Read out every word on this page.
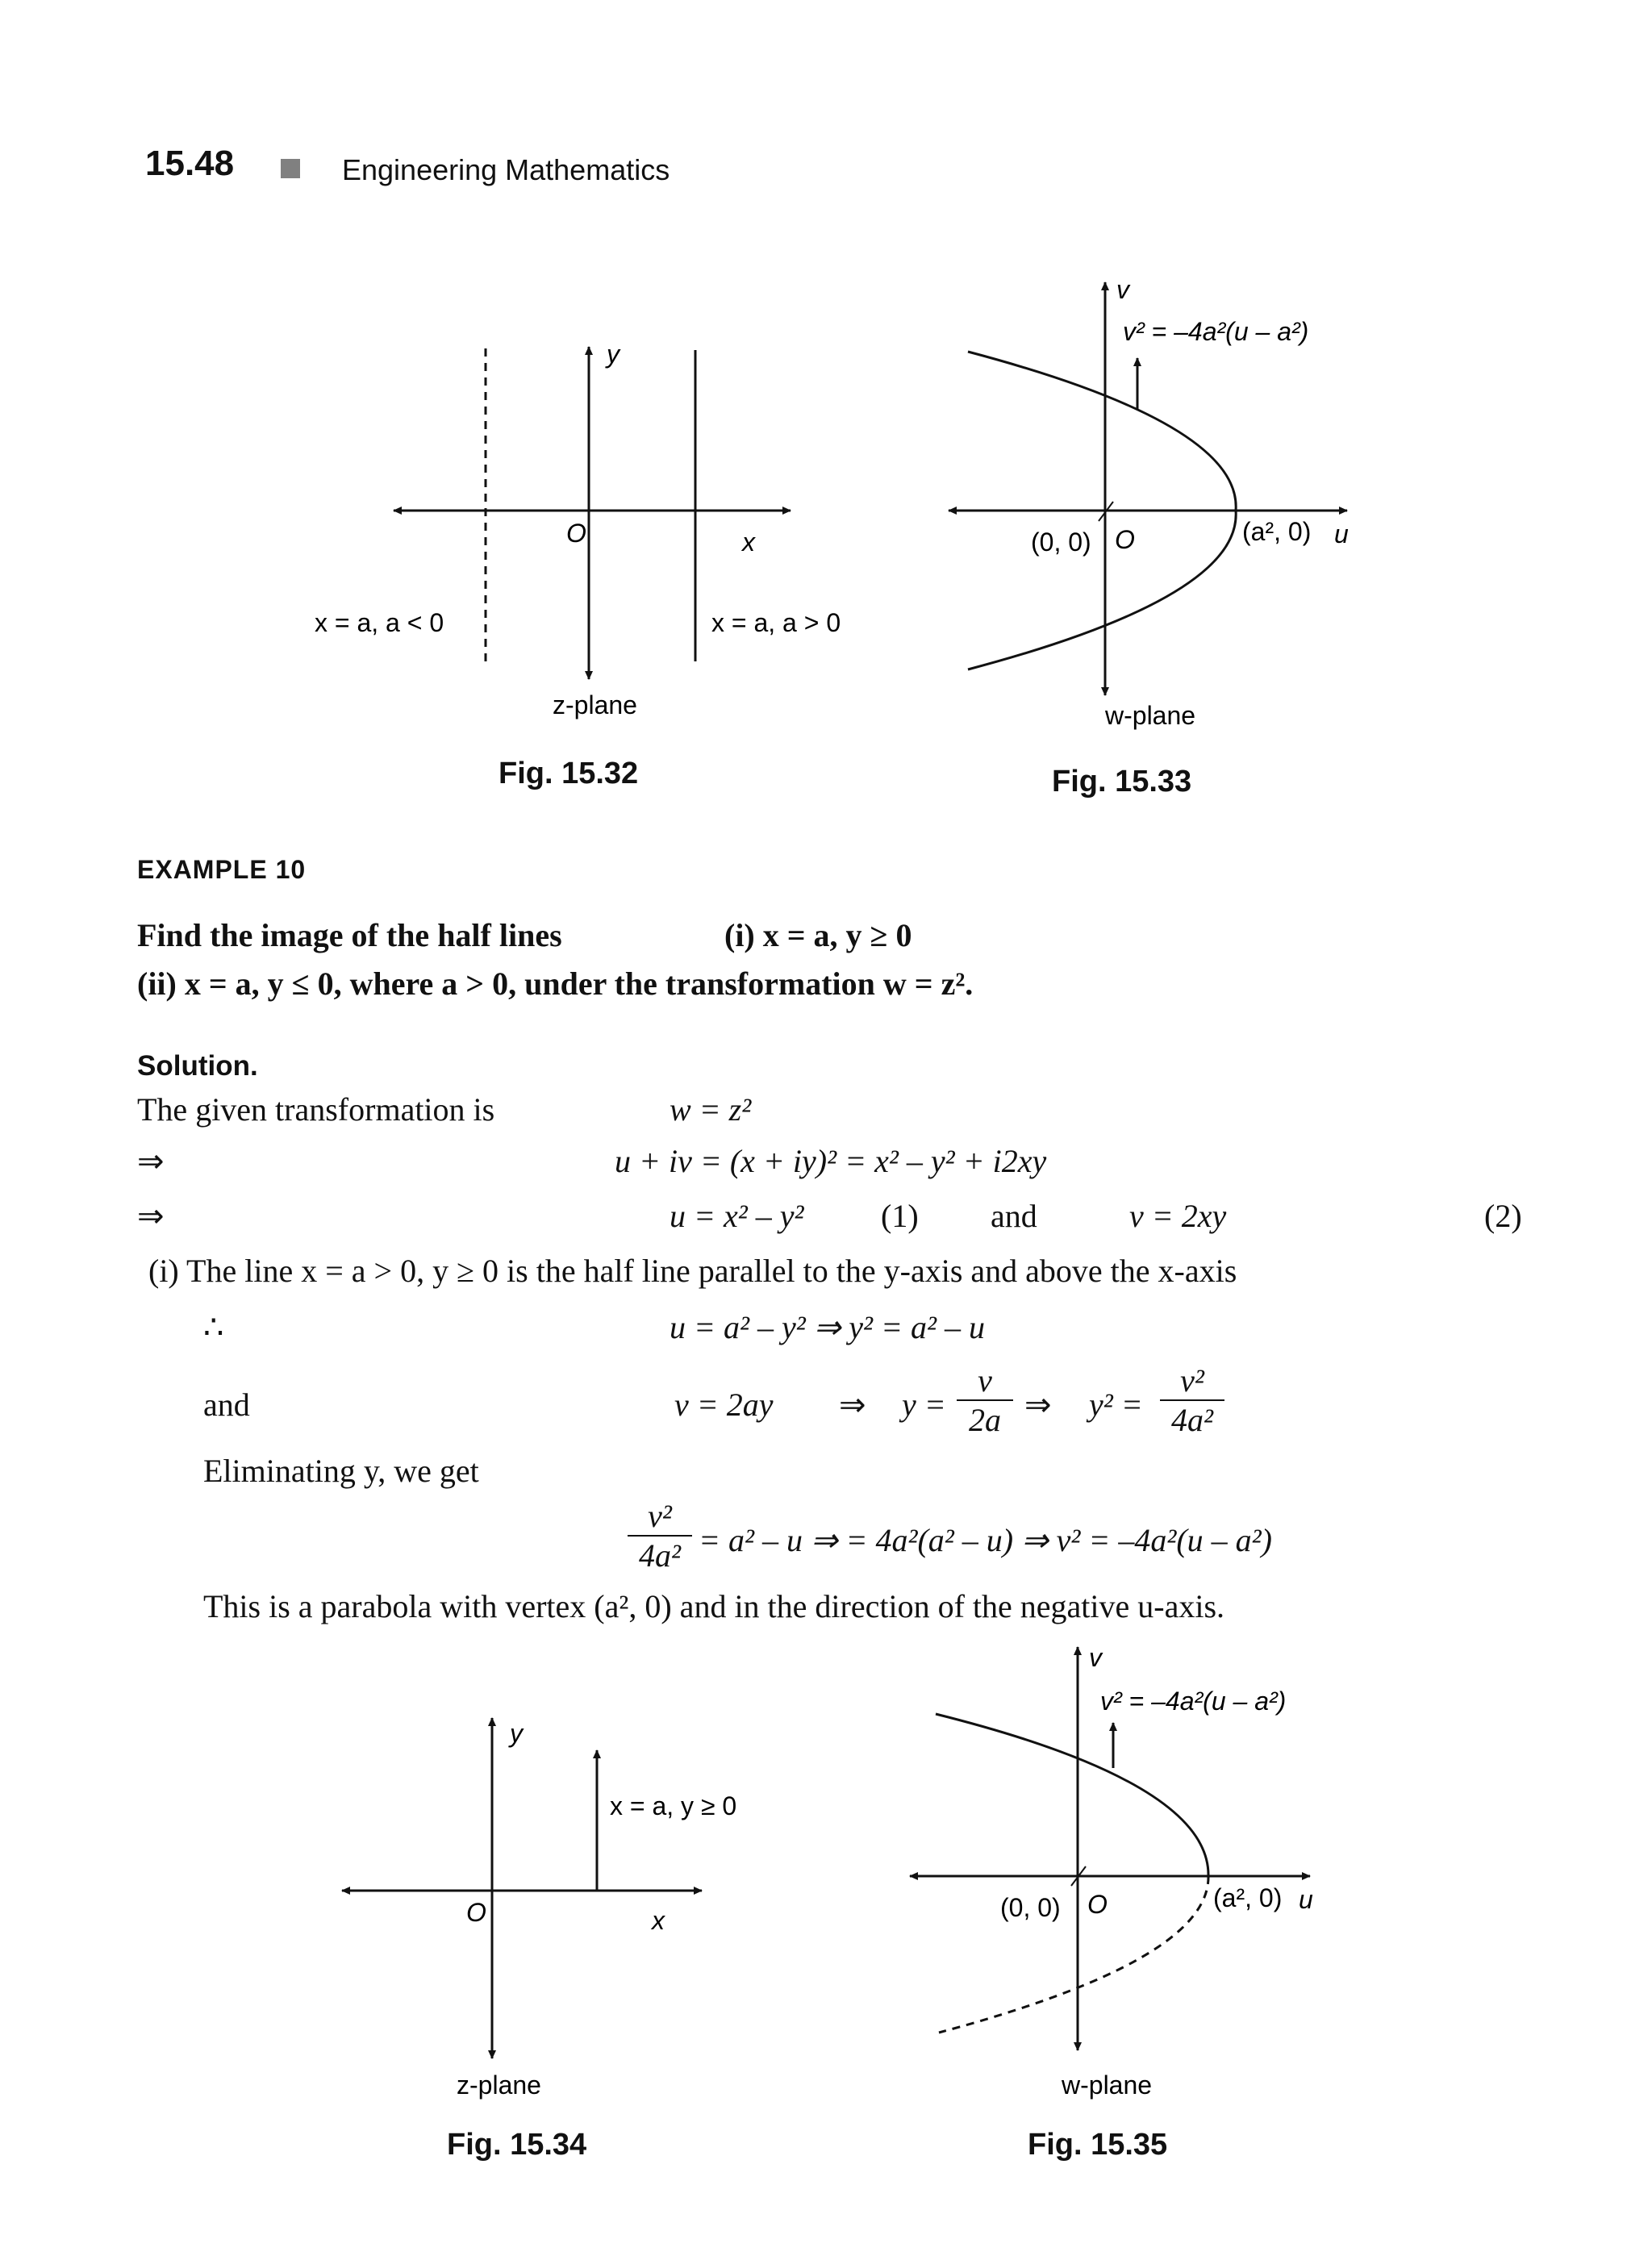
15.48	Engineering Mathematics
y
O	x
x = a, a < 0	x = a, a > 0
z-plane
Fig. 15.32
v
v² = –4a²(u – a²)
(0, 0) O	(a², 0) u
w-plane
Fig. 15.33
EXAMPLE 10
Find the image of the half lines	(i) x = a, y ≥ 0
(ii) x = a, y ≤ 0, where a > 0, under the transformation w = z².
Solution.
The given transformation is	w = z²
⇒	u + iv = (x + iy)² = x² – y² + i2xy
⇒	u = x² – y² (1) and	v = 2xy	(2)
(i) The line x = a > 0, y ≥ 0 is the half line parallel to the y-axis and above the x-axis
∴	u = a² – y² ⇒ y² = a² – u
and	v = 2ay ⇒ $y = \frac{v}{2a}$ ⇒ $y^2 = \frac{\text{v²}}{\text{4a²}}$
Eliminating y, we get
$\frac{\text{v²}}{\text{4a²}} = a^2 - u$ ⇒ = 4a²(a² – u) ⇒ v² = –4a²(u – a²)
This is a parabola with vertex (a², 0) and in the direction of the negative u-axis.
y
x = a, y ≥ 0
O	x
z-plane
Fig. 15.34
v
v² = –4a²(u – a²)
(0, 0) O	(a², 0) u
w-plane
Fig. 15.35
